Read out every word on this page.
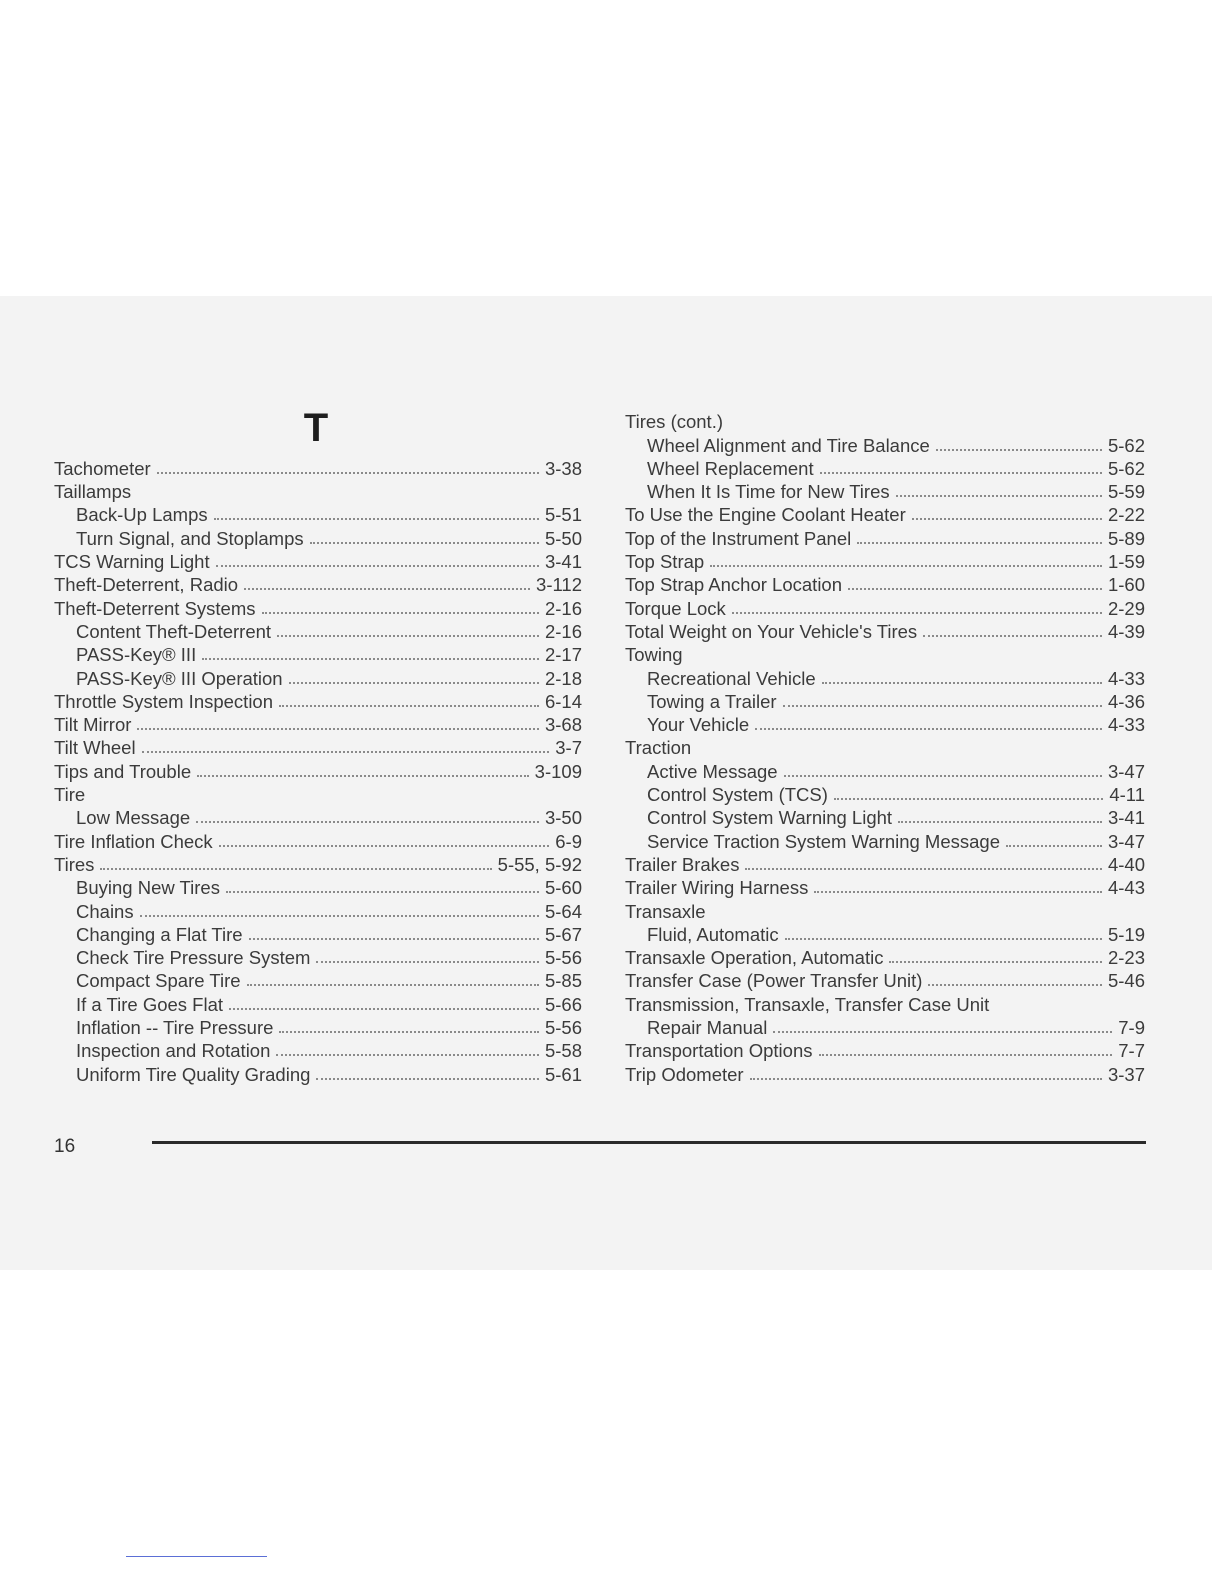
T
Tachometer	3-38
Taillamps
Back-Up Lamps	5-51
Turn Signal, and Stoplamps	5-50
TCS Warning Light	3-41
Theft-Deterrent, Radio	3-112
Theft-Deterrent Systems	2-16
Content Theft-Deterrent	2-16
PASS-Key® III	2-17
PASS-Key® III Operation	2-18
Throttle System Inspection	6-14
Tilt Mirror	3-68
Tilt Wheel	3-7
Tips and Trouble	3-109
Tire
Low Message	3-50
Tire Inflation Check	6-9
Tires	5-55, 5-92
Buying New Tires	5-60
Chains	5-64
Changing a Flat Tire	5-67
Check Tire Pressure System	5-56
Compact Spare Tire	5-85
If a Tire Goes Flat	5-66
Inflation -- Tire Pressure	5-56
Inspection and Rotation	5-58
Uniform Tire Quality Grading	5-61
Tires (cont.)
Wheel Alignment and Tire Balance	5-62
Wheel Replacement	5-62
When It Is Time for New Tires	5-59
To Use the Engine Coolant Heater	2-22
Top of the Instrument Panel	5-89
Top Strap	1-59
Top Strap Anchor Location	1-60
Torque Lock	2-29
Total Weight on Your Vehicle's Tires	4-39
Towing
Recreational Vehicle	4-33
Towing a Trailer	4-36
Your Vehicle	4-33
Traction
Active Message	3-47
Control System (TCS)	4-11
Control System Warning Light	3-41
Service Traction System Warning Message	3-47
Trailer Brakes	4-40
Trailer Wiring Harness	4-43
Transaxle
Fluid, Automatic	5-19
Transaxle Operation, Automatic	2-23
Transfer Case (Power Transfer Unit)	5-46
Transmission, Transaxle, Transfer Case Unit
Repair Manual	7-9
Transportation Options	7-7
Trip Odometer	3-37
16
